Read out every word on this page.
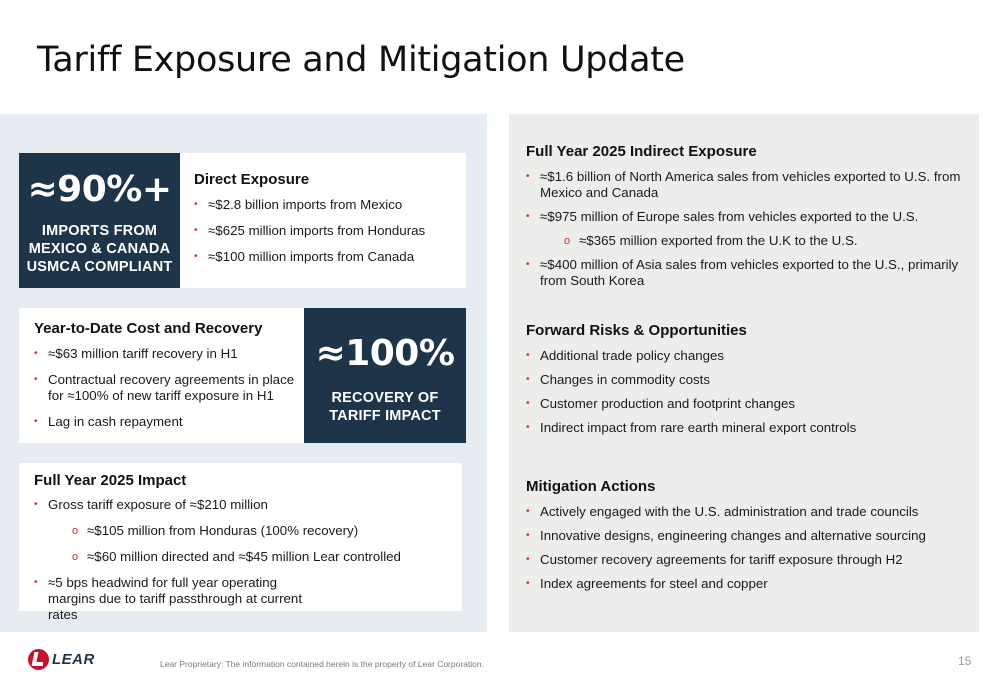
Tariff Exposure and Mitigation Update
≈90%+
IMPORTS FROM
MEXICO & CANADA
USMCA COMPLIANT
Direct Exposure
• ≈$2.8 billion imports from Mexico
• ≈$625 million imports from Honduras
• ≈$100 million imports from Canada
Year-to-Date Cost and Recovery
• ≈$63 million tariff recovery in H1
• Contractual recovery agreements in place for ≈100% of new tariff exposure in H1
• Lag in cash repayment
≈100%
RECOVERY OF
TARIFF IMPACT
Full Year 2025 Impact
• Gross tariff exposure of ≈$210 million
o ≈$105 million from Honduras (100% recovery)
o ≈$60 million directed and ≈$45 million Lear controlled
• ≈5 bps headwind for full year operating margins due to tariff passthrough at current rates
Full Year 2025 Indirect Exposure
• ≈$1.6 billion of North America sales from vehicles exported to U.S. from Mexico and Canada
• ≈$975 million of Europe sales from vehicles exported to the U.S.
o ≈$365 million exported from the U.K to the U.S.
• ≈$400 million of Asia sales from vehicles exported to the U.S., primarily from South Korea
Forward Risks & Opportunities
• Additional trade policy changes
• Changes in commodity costs
• Customer production and footprint changes
• Indirect impact from rare earth mineral export controls
Mitigation Actions
• Actively engaged with the U.S. administration and trade councils
• Innovative designs, engineering changes and alternative sourcing
• Customer recovery agreements for tariff exposure through H2
• Index agreements for steel and copper
LEAR	Lear Proprietary: The information contained herein is the property of Lear Corporation.	15
